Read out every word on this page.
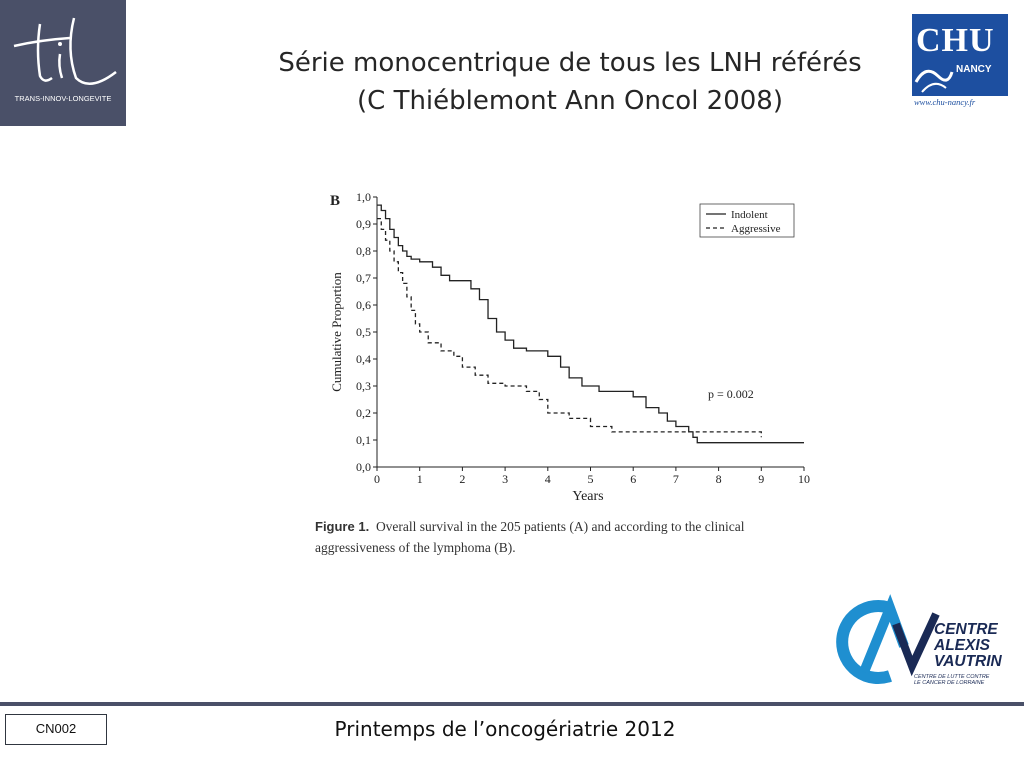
TRANS-INNOV-LONGEVITE
Série monocentrique de tous les LNH référés
(C Thiéblemont Ann Oncol 2008)
CHU
NANCY
www.chu-nancy.fr
B
0,0
0,1
0,2
0,3
0,4
0,5
0,6
0,7
0,8
0,9
1,0
0	1	2	3	4	5	6	7	8	9	10
Years
Cumulative Proportion
Indolent
Aggressive
p = 0.002
Figure 1. Overall survival in the 205 patients (A) and according to the clinical aggressiveness of the lymphoma (B).
CENTRE
ALEXIS
VAUTRIN
CENTRE DE LUTTE CONTRE
LE CANCER DE LORRAINE
CN002	Printemps de l’oncogériatrie 2012
